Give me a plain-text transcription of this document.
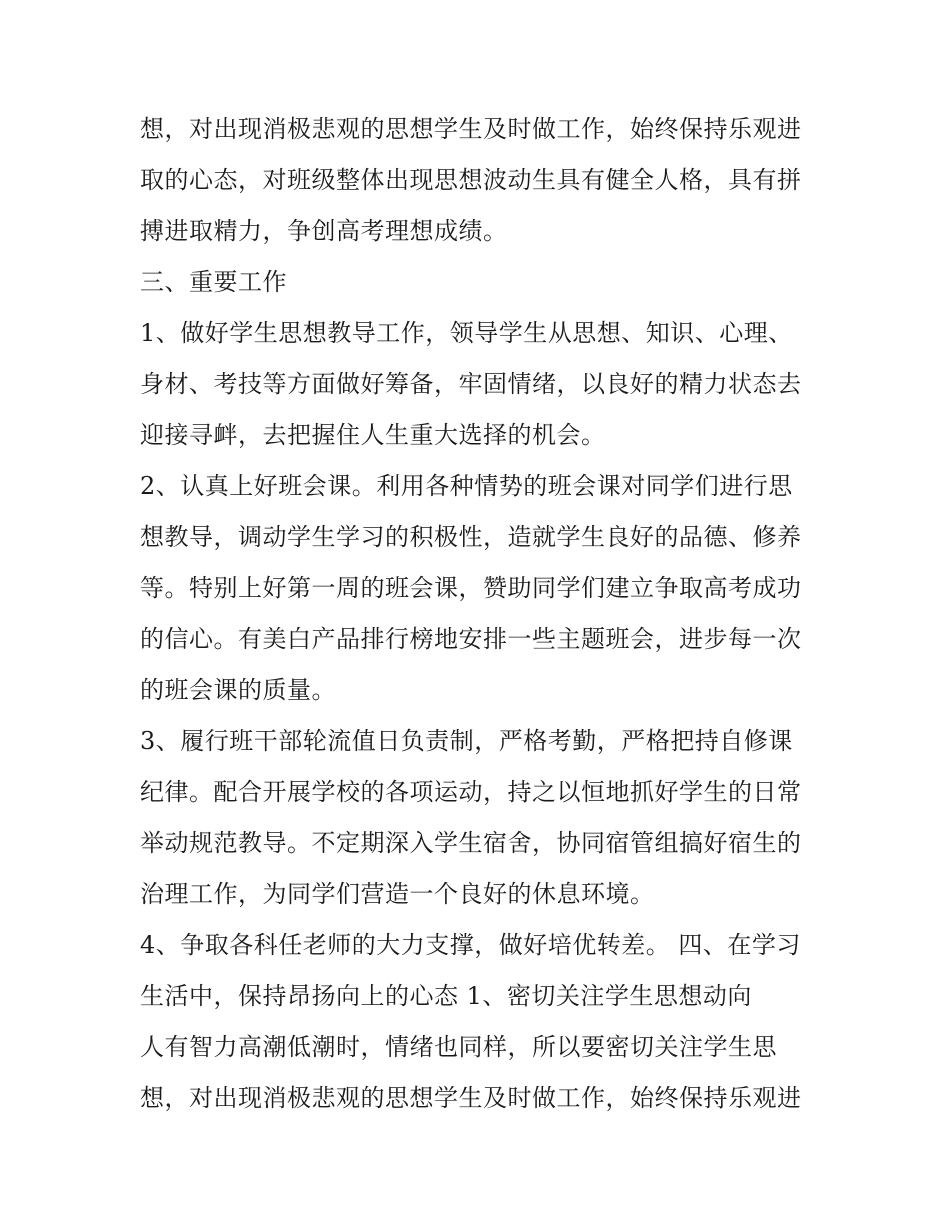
想，对出现消极悲观的思想学生及时做工作，始终保持乐观进
取的心态，对班级整体出现思想波动生具有健全人格，具有拼
搏进取精力，争创高考理想成绩。
三、重要工作
1、做好学生思想教导工作，领导学生从思想、知识、心理、
身材、考技等方面做好筹备，牢固情绪，以良好的精力状态去
迎接寻衅，去把握住人生重大选择的机会。
2、认真上好班会课。利用各种情势的班会课对同学们进行思
想教导，调动学生学习的积极性，造就学生良好的品德、修养
等。特别上好第一周的班会课，赞助同学们建立争取高考成功
的信心。有美白产品排行榜地安排一些主题班会，进步每一次
的班会课的质量。
3、履行班干部轮流值日负责制，严格考勤，严格把持自修课
纪律。配合开展学校的各项运动，持之以恒地抓好学生的日常
举动规范教导。不定期深入学生宿舍，协同宿管组搞好宿生的
治理工作，为同学们营造一个良好的休息环境。
4、争取各科任老师的大力支撑，做好培优转差。 四、在学习
生活中，保持昂扬向上的心态 1、密切关注学生思想动向
人有智力高潮低潮时，情绪也同样，所以要密切关注学生思
想，对出现消极悲观的思想学生及时做工作，始终保持乐观进
